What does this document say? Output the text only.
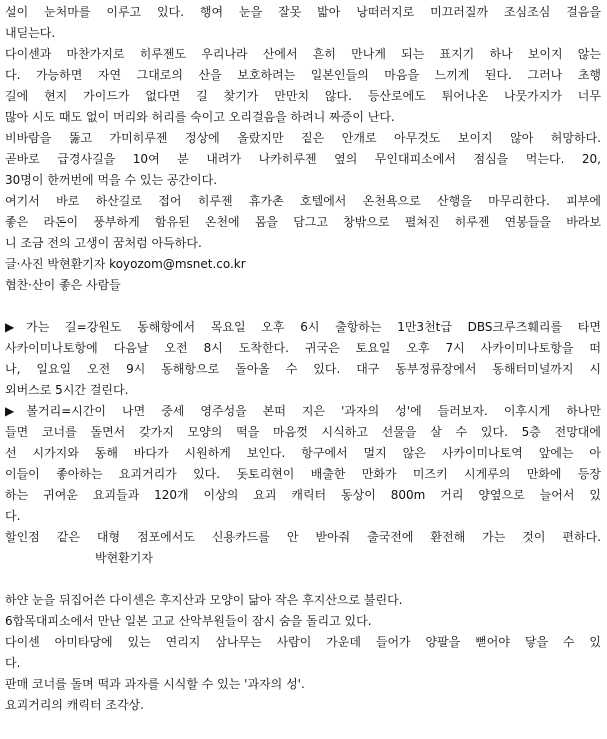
설이 눈처마를 이루고 있다. 행여 눈을 잘못 밟아 낭떠러지로 미끄러질까 조심조심 걸음을
내딛는다.
다이센과 마찬가지로 히루젠도 우리나라 산에서 흔히 만나게 되는 표지기 하나 보이지 않는
다. 가능하면 자연 그대로의 산을 보호하려는 일본인들의 마음을 느끼게 된다. 그러나 초행
길에 현지 가이드가 없다면 길 찾기가 만만치 않다. 등산로에도 튀어나온 나뭇가지가 너무
많아 시도 때도 없이 머리와 허리를 숙이고 오리걸음을 하려니 짜증이 난다.
비바람을 뚫고 가미히루젠 정상에 올랐지만 짙은 안개로 아무것도 보이지 않아 허망하다.
곧바로 급경사길을 10여 분 내려가 나카히루젠 옆의 무인대피소에서 점심을 먹는다. 20,
30명이 한꺼번에 먹을 수 있는 공간이다.
여기서 바로 하산길로 접어 히루젠 휴가촌 호텔에서 온천욕으로 산행을 마무리한다. 피부에
좋은 라돈이 풍부하게 함유된 온천에 몸을 담그고 창밖으로 펼쳐진 히루젠 연봉들을 바라보
니 조금 전의 고생이 꿈처럼 아득하다.
글·사진 박현환기자 koyozom@msnet.co.kr
협찬·산이 좋은 사람들
▶가는 길=강원도 동해항에서 목요일 오후 6시 출항하는 1만3천t급 DBS크루즈훼리를 타면
사카이미나토항에 다음날 오전 8시 도착한다. 귀국은 토요일 오후 7시 사카이미나토항을 떠
나, 일요일 오전 9시 동해항으로 돌아올 수 있다. 대구 동부정류장에서 동해터미널까지 시
외버스로 5시간 걸린다.
▶볼거리=시간이 나면 중세 영주성을 본떠 지은 '과자의 성'에 들러보자. 이후시게 하나만
들면 코너를 돌면서 갖가지 모양의 떡을 마음껏 시식하고 선물을 살 수 있다. 5층 전망대에
선 시가지와 동해 바다가 시원하게 보인다. 항구에서 멀지 않은 사카이미나토역 앞에는 아
이들이 좋아하는 요괴거리가 있다. 돗토리현이 배출한 만화가 미즈키 시게루의 만화에 등장
하는 귀여운 요괴들과 120개 이상의 요괴 캐릭터 동상이 800m 거리 양옆으로 늘어서 있
다.
할인점 같은 대형 점포에서도 신용카드를 안 받아줘 출국전에 환전해 가는 것이 편하다.
박현환기자
하얀 눈을 뒤집어쓴 다이센은 후지산과 모양이 닮아 작은 후지산으로 불린다.
6합목대피소에서 만난 일본 고교 산악부원들이 잠시 숨을 돌리고 있다.
다이센 아미타당에 있는 연리지 삼나무는 사람이 가운데 들어가 양팔을 뻗어야 닿을 수 있
다.
판매 코너를 돌며 떡과 과자를 시식할 수 있는 '과자의 성'.
요괴거리의 캐릭터 조각상.
